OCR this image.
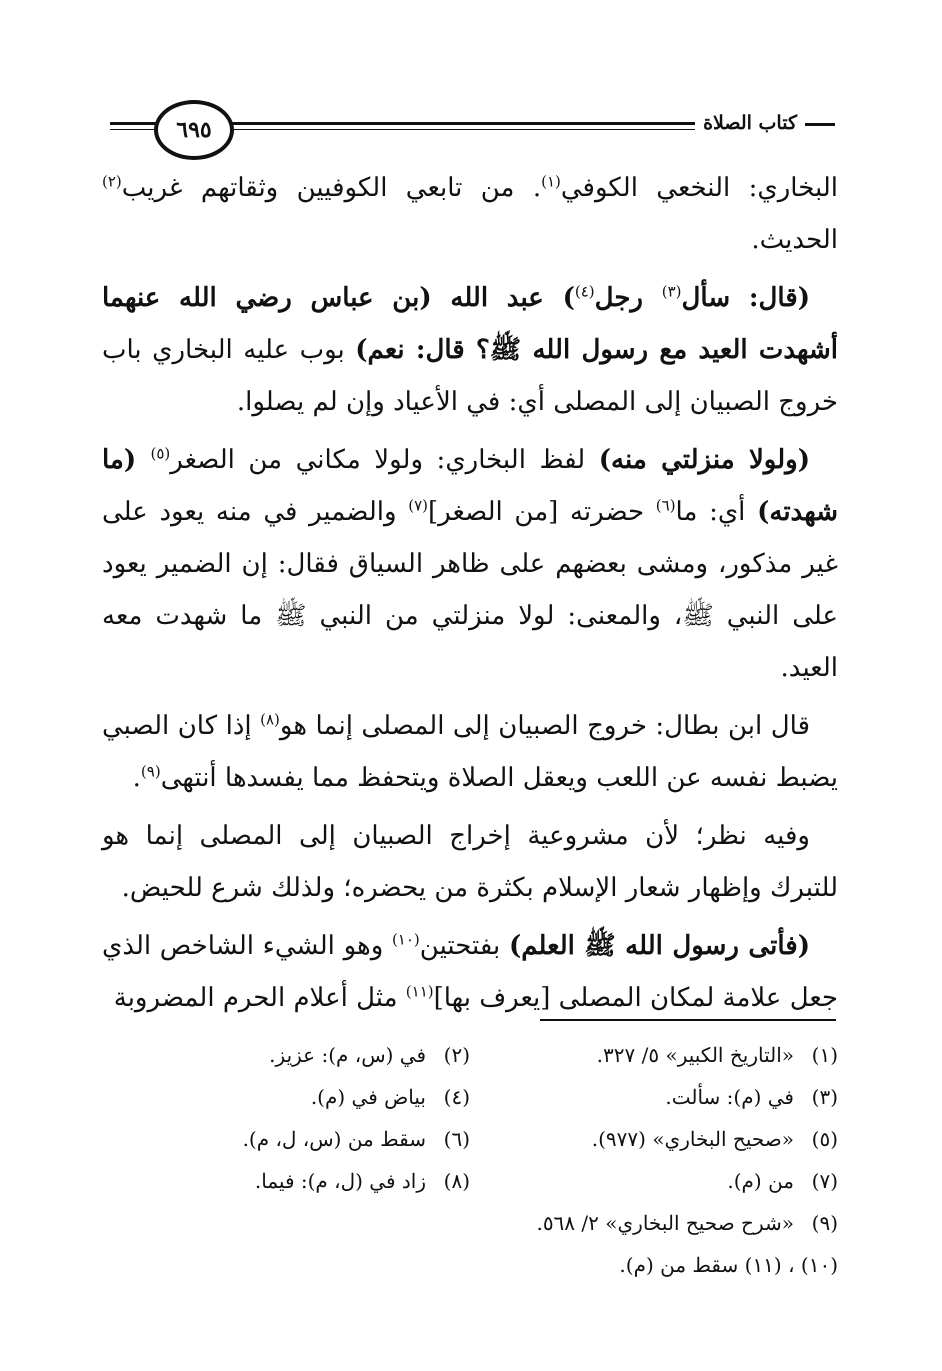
كتاب الصلاة
٦٩٥

البخاري: النخعي الكوفي$^{(١)}$. من تابعي الكوفيين وثقاتهم غريب$^{(٢)}$ الحديث.

(قال: سأل$^{(٣)}$ رجل$^{(٤)}$) عبد الله (بن عباس رضي الله عنهما أشهدت العيد مع رسول الله ﷺ؟ قال: نعم) بوب عليه البخاري باب خروج الصبيان إلى المصلى أي: في الأعياد وإن لم يصلوا.

(ولولا منزلتي منه) لفظ البخاري: ولولا مكاني من الصغر$^{(٥)}$ (ما شهدته) أي: ما$^{(٦)}$ حضرته [من الصغر]$^{(٧)}$ والضمير في منه يعود على غير مذكور، ومشى بعضهم على ظاهر السياق فقال: إن الضمير يعود على النبي ﷺ، والمعنى: لولا منزلتي من النبي ﷺ ما شهدت معه العيد.

قال ابن بطال: خروج الصبيان إلى المصلى إنما هو$^{(٨)}$ إذا كان الصبي يضبط نفسه عن اللعب ويعقل الصلاة ويتحفظ مما يفسدها أنتهى$^{(٩)}$.

وفيه نظر؛ لأن مشروعية إخراج الصبيان إلى المصلى إنما هو للتبرك وإظهار شعار الإسلام بكثرة من يحضره؛ ولذلك شرع للحيض.

(فأتى رسول الله ﷺ العلم) بفتحتين$^{(١٠)}$ وهو الشيء الشاخص الذي جعل علامة لمكان المصلى [يعرف بها]$^{(١١)}$ مثل أعلام الحرم المضروبة

(١)
«التاريخ الكبير» ٥/ ٣٢٧.
(٢)
في (س، م): عزيز.
(٣)
في (م): سألت.
(٤)
بياض في (م).
(٥)
«صحيح البخاري» (٩٧٧).
(٦)
سقط من (س، ل، م).
(٧)
من (م).
(٨)
زاد في (ل، م): فيما.
(٩)
«شرح صحيح البخاري» ٢/ ٥٦٨.
(١٠) ، (١١) سقط من (م).
